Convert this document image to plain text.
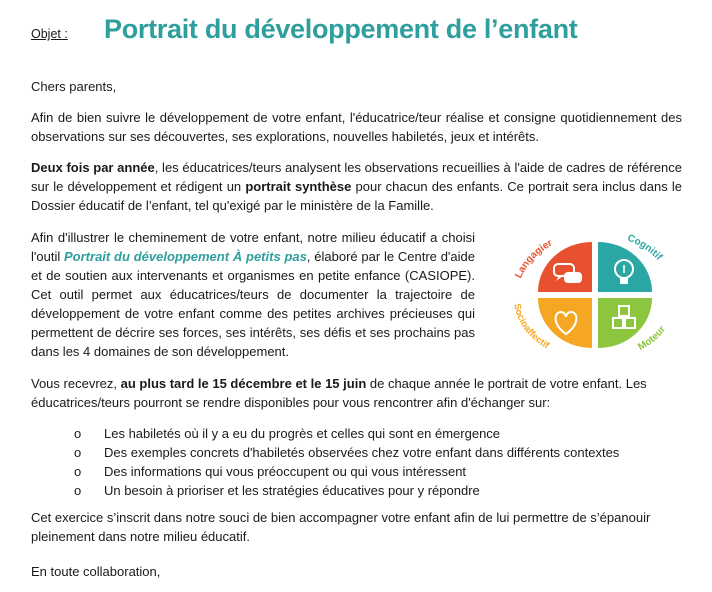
Objet : Portrait du développement de l’enfant

Chers parents,

Afin de bien suivre le développement de votre enfant, l'éducatrice/teur réalise et consigne quotidiennement des observations sur ses découvertes, ses explorations, nouvelles habiletés, jeux et intérêts.

Deux fois par année, les éducatrices/teurs analysent les observations recueillies à l'aide de cadres de référence sur le développement et rédigent un portrait synthèse pour chacun des enfants. Ce portrait sera inclus dans le Dossier éducatif de l’enfant, tel qu'exigé par le ministère de la Famille.

Afin d'illustrer le cheminement de votre enfant, notre milieu éducatif a choisi l'outil Portrait du développement À petits pas, élaboré par le Centre d'aide et de soutien aux intervenants et organismes en petite enfance (CASIOPE). Cet outil permet aux éducatrices/teurs de documenter la trajectoire de développement de votre enfant comme des petites archives précieuses qui permettent de décrire ses forces, ses intérêts, ses défis et ses prochains pas dans les 4 domaines de son développement.

Langagier	Cognitif
Socioaffectif	Moteur

Vous recevrez, au plus tard le 15 décembre et le 15 juin de chaque année le portrait de votre enfant. Les éducatrices/teurs pourront se rendre disponibles pour vous rencontrer afin d'échanger sur:

o Les habiletés où il y a eu du progrès et celles qui sont en émergence
o Des exemples concrets d'habiletés observées chez votre enfant dans différents contextes
o Des informations qui vous préoccupent ou qui vous intéressent
o Un besoin à prioriser et les stratégies éducatives pour y répondre

Cet exercice s’inscrit dans notre souci de bien accompagner votre enfant afin de lui permettre de s’épanouir pleinement dans notre milieu éducatif.

En toute collaboration,
